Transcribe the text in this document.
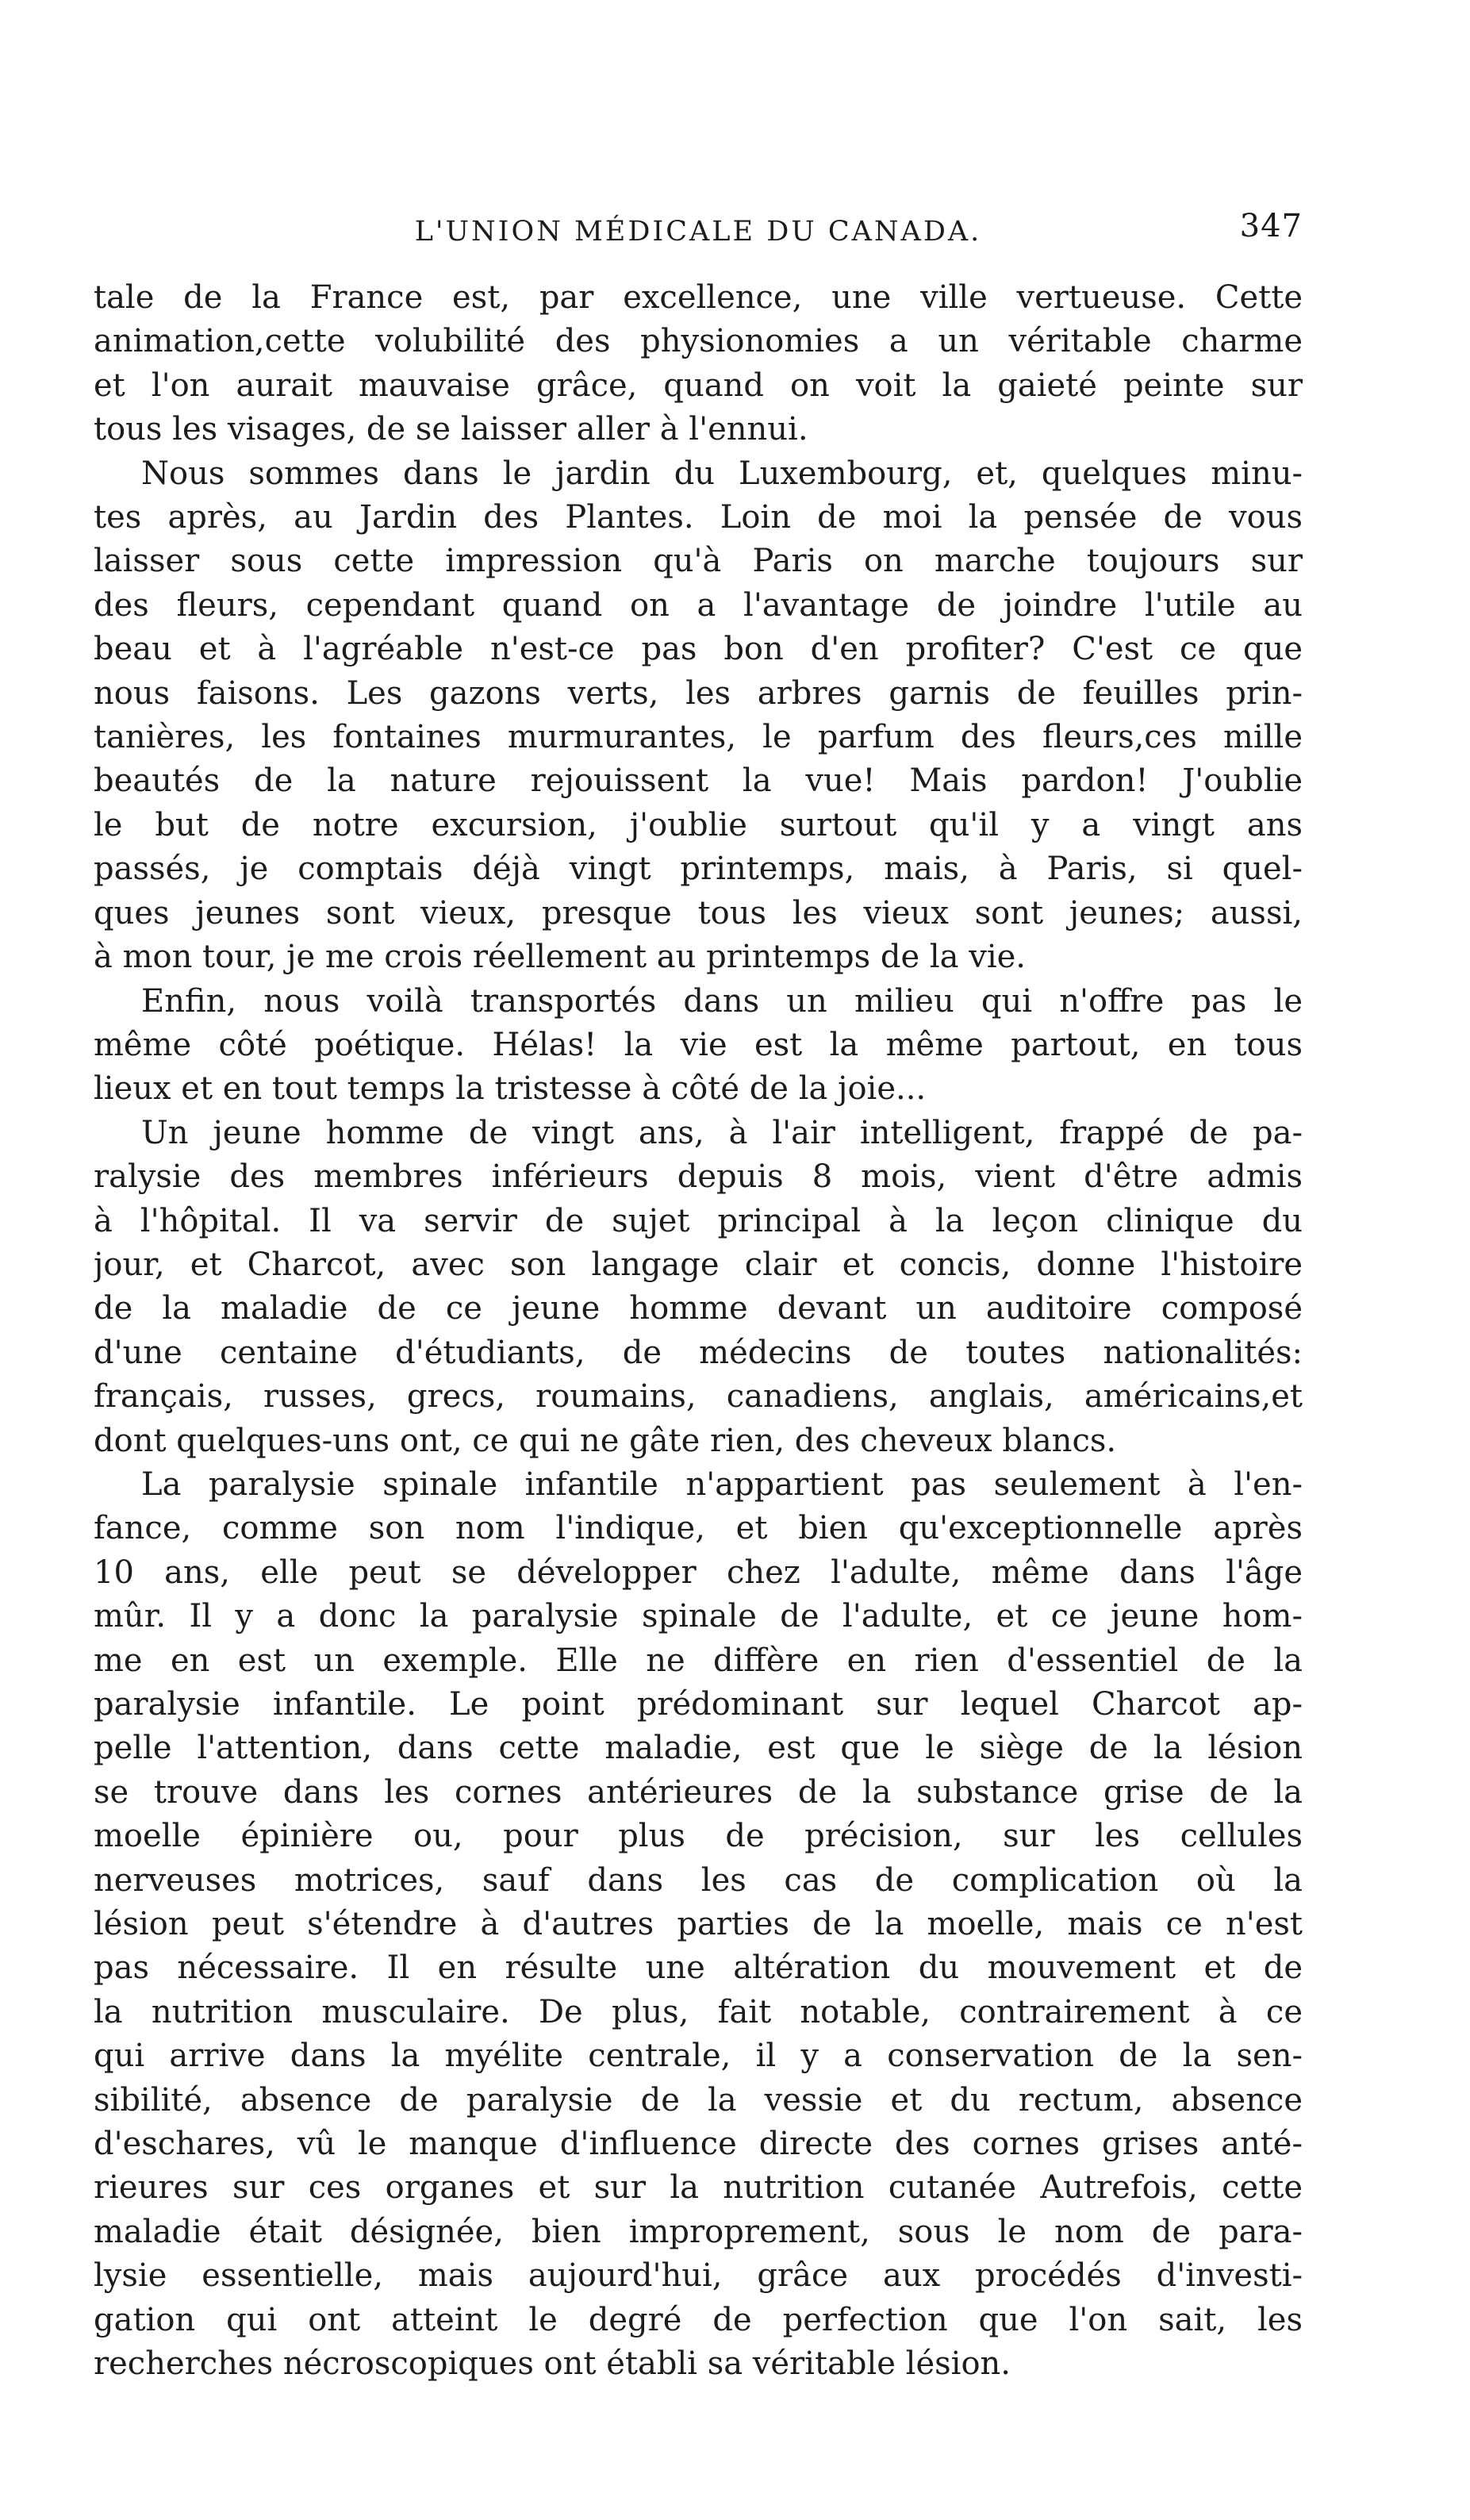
L'UNION MÉDICALE DU CANADA.	347
tale de la France est, par excellence, une ville vertueuse. Cette
animation,cette volubilité des physionomies a un véritable charme
et l'on aurait mauvaise grâce, quand on voit la gaieté peinte sur
tous les visages, de se laisser aller à l'ennui.
Nous sommes dans le jardin du Luxembourg, et, quelques minu-
tes après, au Jardin des Plantes. Loin de moi la pensée de vous
laisser sous cette impression qu'à Paris on marche toujours sur
des fleurs, cependant quand on a l'avantage de joindre l'utile au
beau et à l'agréable n'est-ce pas bon d'en profiter? C'est ce que
nous faisons. Les gazons verts, les arbres garnis de feuilles prin-
tanières, les fontaines murmurantes, le parfum des fleurs,ces mille
beautés de la nature rejouissent la vue! Mais pardon! J'oublie
le but de notre excursion, j'oublie surtout qu'il y a vingt ans
passés, je comptais déjà vingt printemps, mais, à Paris, si quel-
ques jeunes sont vieux, presque tous les vieux sont jeunes; aussi,
à mon tour, je me crois réellement au printemps de la vie.
Enfin, nous voilà transportés dans un milieu qui n'offre pas le
même côté poétique. Hélas! la vie est la même partout, en tous
lieux et en tout temps la tristesse à côté de la joie...
Un jeune homme de vingt ans, à l'air intelligent, frappé de pa-
ralysie des membres inférieurs depuis 8 mois, vient d'être admis
à l'hôpital. Il va servir de sujet principal à la leçon clinique du
jour, et Charcot, avec son langage clair et concis, donne l'histoire
de la maladie de ce jeune homme devant un auditoire composé
d'une centaine d'étudiants, de médecins de toutes nationalités:
français, russes, grecs, roumains, canadiens, anglais, américains,et
dont quelques-uns ont, ce qui ne gâte rien, des cheveux blancs.
La paralysie spinale infantile n'appartient pas seulement à l'en-
fance, comme son nom l'indique, et bien qu'exceptionnelle après
10 ans, elle peut se développer chez l'adulte, même dans l'âge
mûr. Il y a donc la paralysie spinale de l'adulte, et ce jeune hom-
me en est un exemple. Elle ne diffère en rien d'essentiel de la
paralysie infantile. Le point prédominant sur lequel Charcot ap-
pelle l'attention, dans cette maladie, est que le siège de la lésion
se trouve dans les cornes antérieures de la substance grise de la
moelle épinière ou, pour plus de précision, sur les cellules
nerveuses motrices, sauf dans les cas de complication où la
lésion peut s'étendre à d'autres parties de la moelle, mais ce n'est
pas nécessaire. Il en résulte une altération du mouvement et de
la nutrition musculaire. De plus, fait notable, contrairement à ce
qui arrive dans la myélite centrale, il y a conservation de la sen-
sibilité, absence de paralysie de la vessie et du rectum, absence
d'eschares, vû le manque d'influence directe des cornes grises anté-
rieures sur ces organes et sur la nutrition cutanée Autrefois, cette
maladie était désignée, bien improprement, sous le nom de para-
lysie essentielle, mais aujourd'hui, grâce aux procédés d'investi-
gation qui ont atteint le degré de perfection que l'on sait, les
recherches nécroscopiques ont établi sa véritable lésion.
